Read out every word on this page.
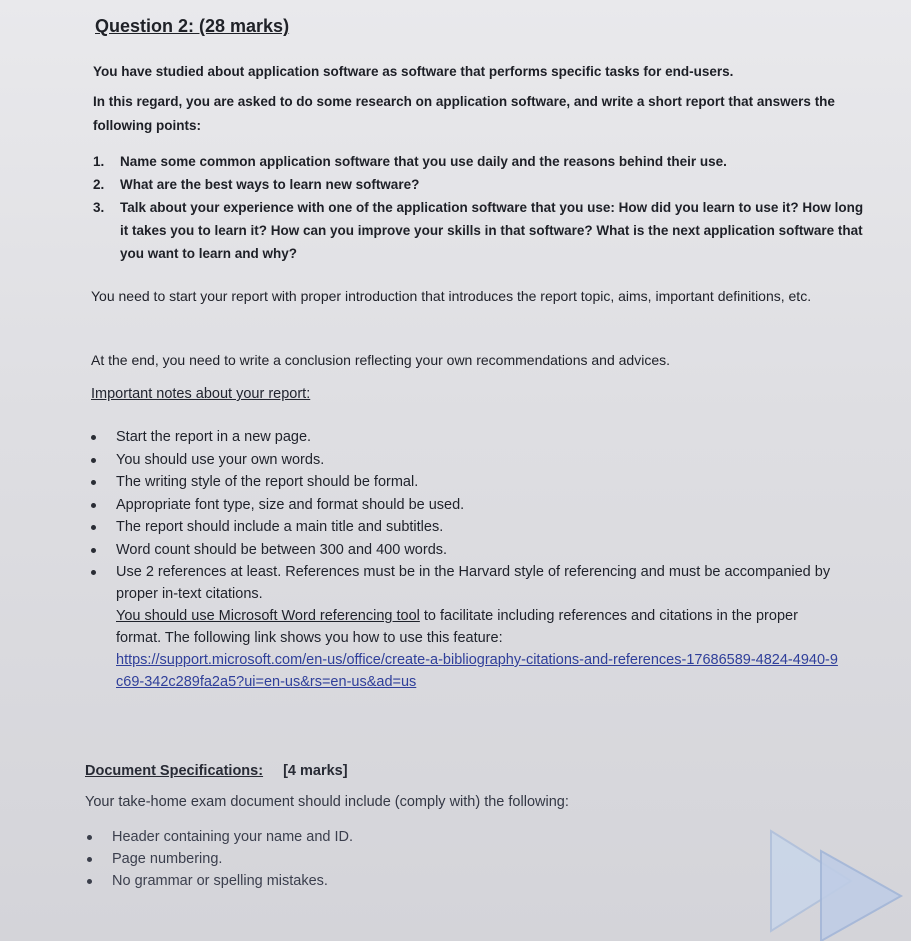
Question 2: (28 marks)
You have studied about application software as software that performs specific tasks for end-users.
In this regard, you are asked to do some research on application software, and write a short report that answers the following points:
1. Name some common application software that you use daily and the reasons behind their use.
2. What are the best ways to learn new software?
3. Talk about your experience with one of the application software that you use: How did you learn to use it? How long it takes you to learn it? How can you improve your skills in that software? What is the next application software that you want to learn and why?
You need to start your report with proper introduction that introduces the report topic, aims, important definitions, etc.
At the end, you need to write a conclusion reflecting your own recommendations and advices.
Important notes about your report:
Start the report in a new page.
You should use your own words.
The writing style of the report should be formal.
Appropriate font type, size and format should be used.
The report should include a main title and subtitles.
Word count should be between 300 and 400 words.
Use 2 references at least. References must be in the Harvard style of referencing and must be accompanied by proper in-text citations.
You should use Microsoft Word referencing tool to facilitate including references and citations in the proper format. The following link shows you how to use this feature:
https://support.microsoft.com/en-us/office/create-a-bibliography-citations-and-references-17686589-4824-4940-9c69-342c289fa2a5?ui=en-us&rs=en-us&ad=us
Document Specifications: [4 marks]
Your take-home exam document should include (comply with) the following:
Header containing your name and ID.
Page numbering.
No grammar or spelling mistakes.
